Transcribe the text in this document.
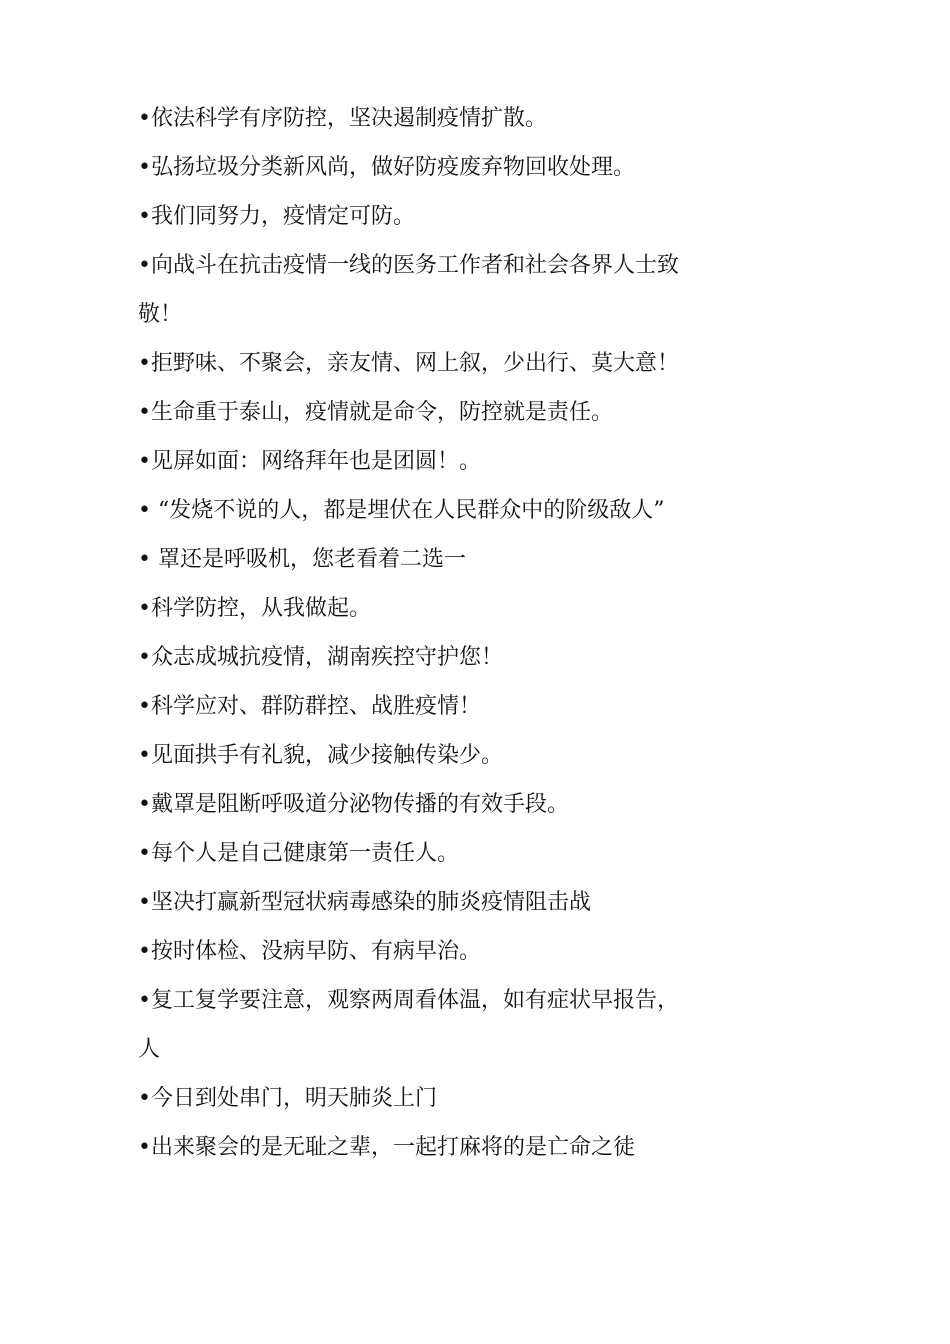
•依法科学有序防控，坚决遏制疫情扩散。
•弘扬垃圾分类新风尚，做好防疫废弃物回收处理。
•我们同努力，疫情定可防。
•向战斗在抗击疫情一线的医务工作者和社会各界人士致
敬！
•拒野味、不聚会，亲友情、网上叙，少出行、莫大意！
•生命重于泰山，疫情就是命令，防控就是责任。
•见屏如面：网络拜年也是团圆！。
• “发烧不说的人，都是埋伏在人民群众中的阶级敌人”
• 罩还是呼吸机，您老看着二选一
•科学防控，从我做起。
•众志成城抗疫情，湖南疾控守护您！
•科学应对、群防群控、战胜疫情！
•见面拱手有礼貌，减少接触传染少。
•戴罩是阻断呼吸道分泌物传播的有效手段。
•每个人是自己健康第一责任人。
•坚决打赢新型冠状病毒感染的肺炎疫情阻击战
•按时体检、没病早防、有病早治。
•复工复学要注意，观察两周看体温，如有症状早报告，
人
•今日到处串门，明天肺炎上门
•出来聚会的是无耻之辈，一起打麻将的是亡命之徒
